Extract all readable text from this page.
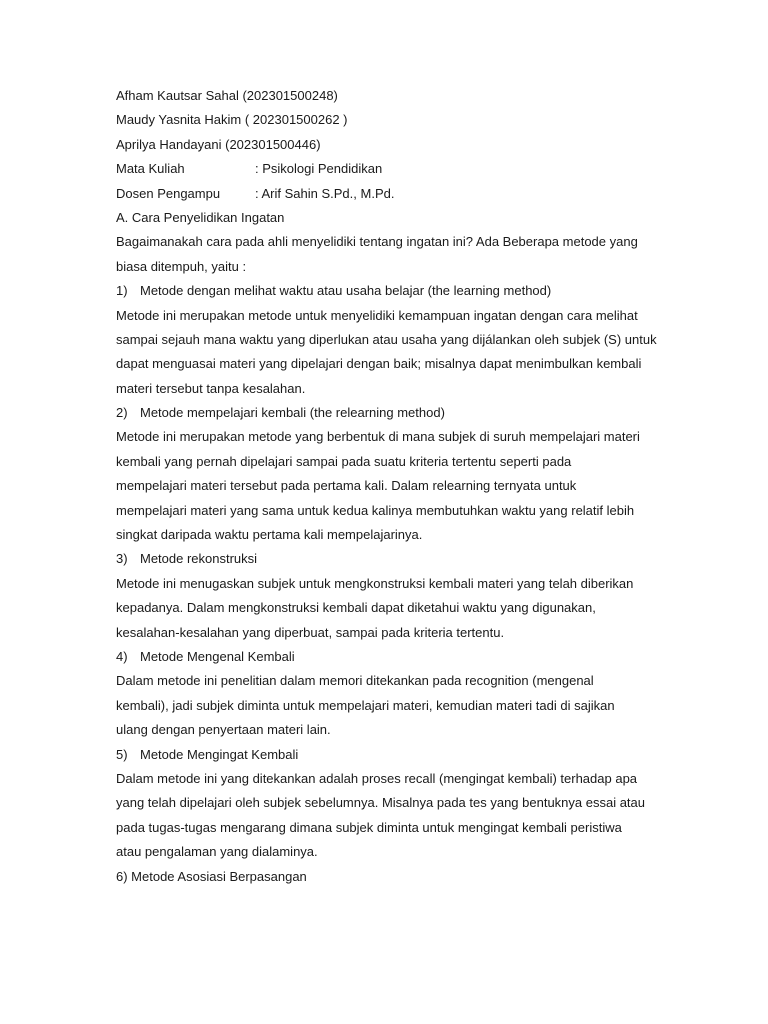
Afham Kautsar Sahal (202301500248)
Maudy Yasnita Hakim ( 202301500262 )
Aprilya Handayani (202301500446)
Mata Kuliah	: Psikologi Pendidikan
Dosen Pengampu	: Arif Sahin S.Pd., M.Pd.
A. Cara Penyelidikan Ingatan
Bagaimanakah cara pada ahli menyelidiki tentang ingatan ini? Ada Beberapa metode yang
biasa ditempuh, yaitu :
1) Metode dengan melihat waktu atau usaha belajar (the learning method)
Metode ini merupakan metode untuk menyelidiki kemampuan ingatan dengan cara melihat
sampai sejauh mana waktu yang diperlukan atau usaha yang dijálankan oleh subjek (S) untuk
dapat menguasai materi yang dipelajari dengan baik; misalnya dapat menimbulkan kembali
materi tersebut tanpa kesalahan.
2) Metode mempelajari kembali (the relearning method)
Metode ini merupakan metode yang berbentuk di mana subjek di suruh mempelajari materi
kembali yang pernah dipelajari sampai pada suatu kriteria tertentu seperti pada
mempelajari materi tersebut pada pertama kali. Dalam relearning ternyata untuk
mempelajari materi yang sama untuk kedua kalinya membutuhkan waktu yang relatif lebih
singkat daripada waktu pertama kali mempelajarinya.
3) Metode rekonstruksi
Metode ini menugaskan subjek untuk mengkonstruksi kembali materi yang telah diberikan
kepadanya. Dalam mengkonstruksi kembali dapat diketahui waktu yang digunakan,
kesalahan-kesalahan yang diperbuat, sampai pada kriteria tertentu.
4) Metode Mengenal Kembali
Dalam metode ini penelitian dalam memori ditekankan pada recognition (mengenal
kembali), jadi subjek diminta untuk mempelajari materi, kemudian materi tadi di sajikan
ulang dengan penyertaan materi lain.
5) Metode Mengingat Kembali
Dalam metode ini yang ditekankan adalah proses recall (mengingat kembali) terhadap apa
yang telah dipelajari oleh subjek sebelumnya. Misalnya pada tes yang bentuknya essai atau
pada tugas-tugas mengarang dimana subjek diminta untuk mengingat kembali peristiwa
atau pengalaman yang dialaminya.
6) Metode Asosiasi Berpasangan
